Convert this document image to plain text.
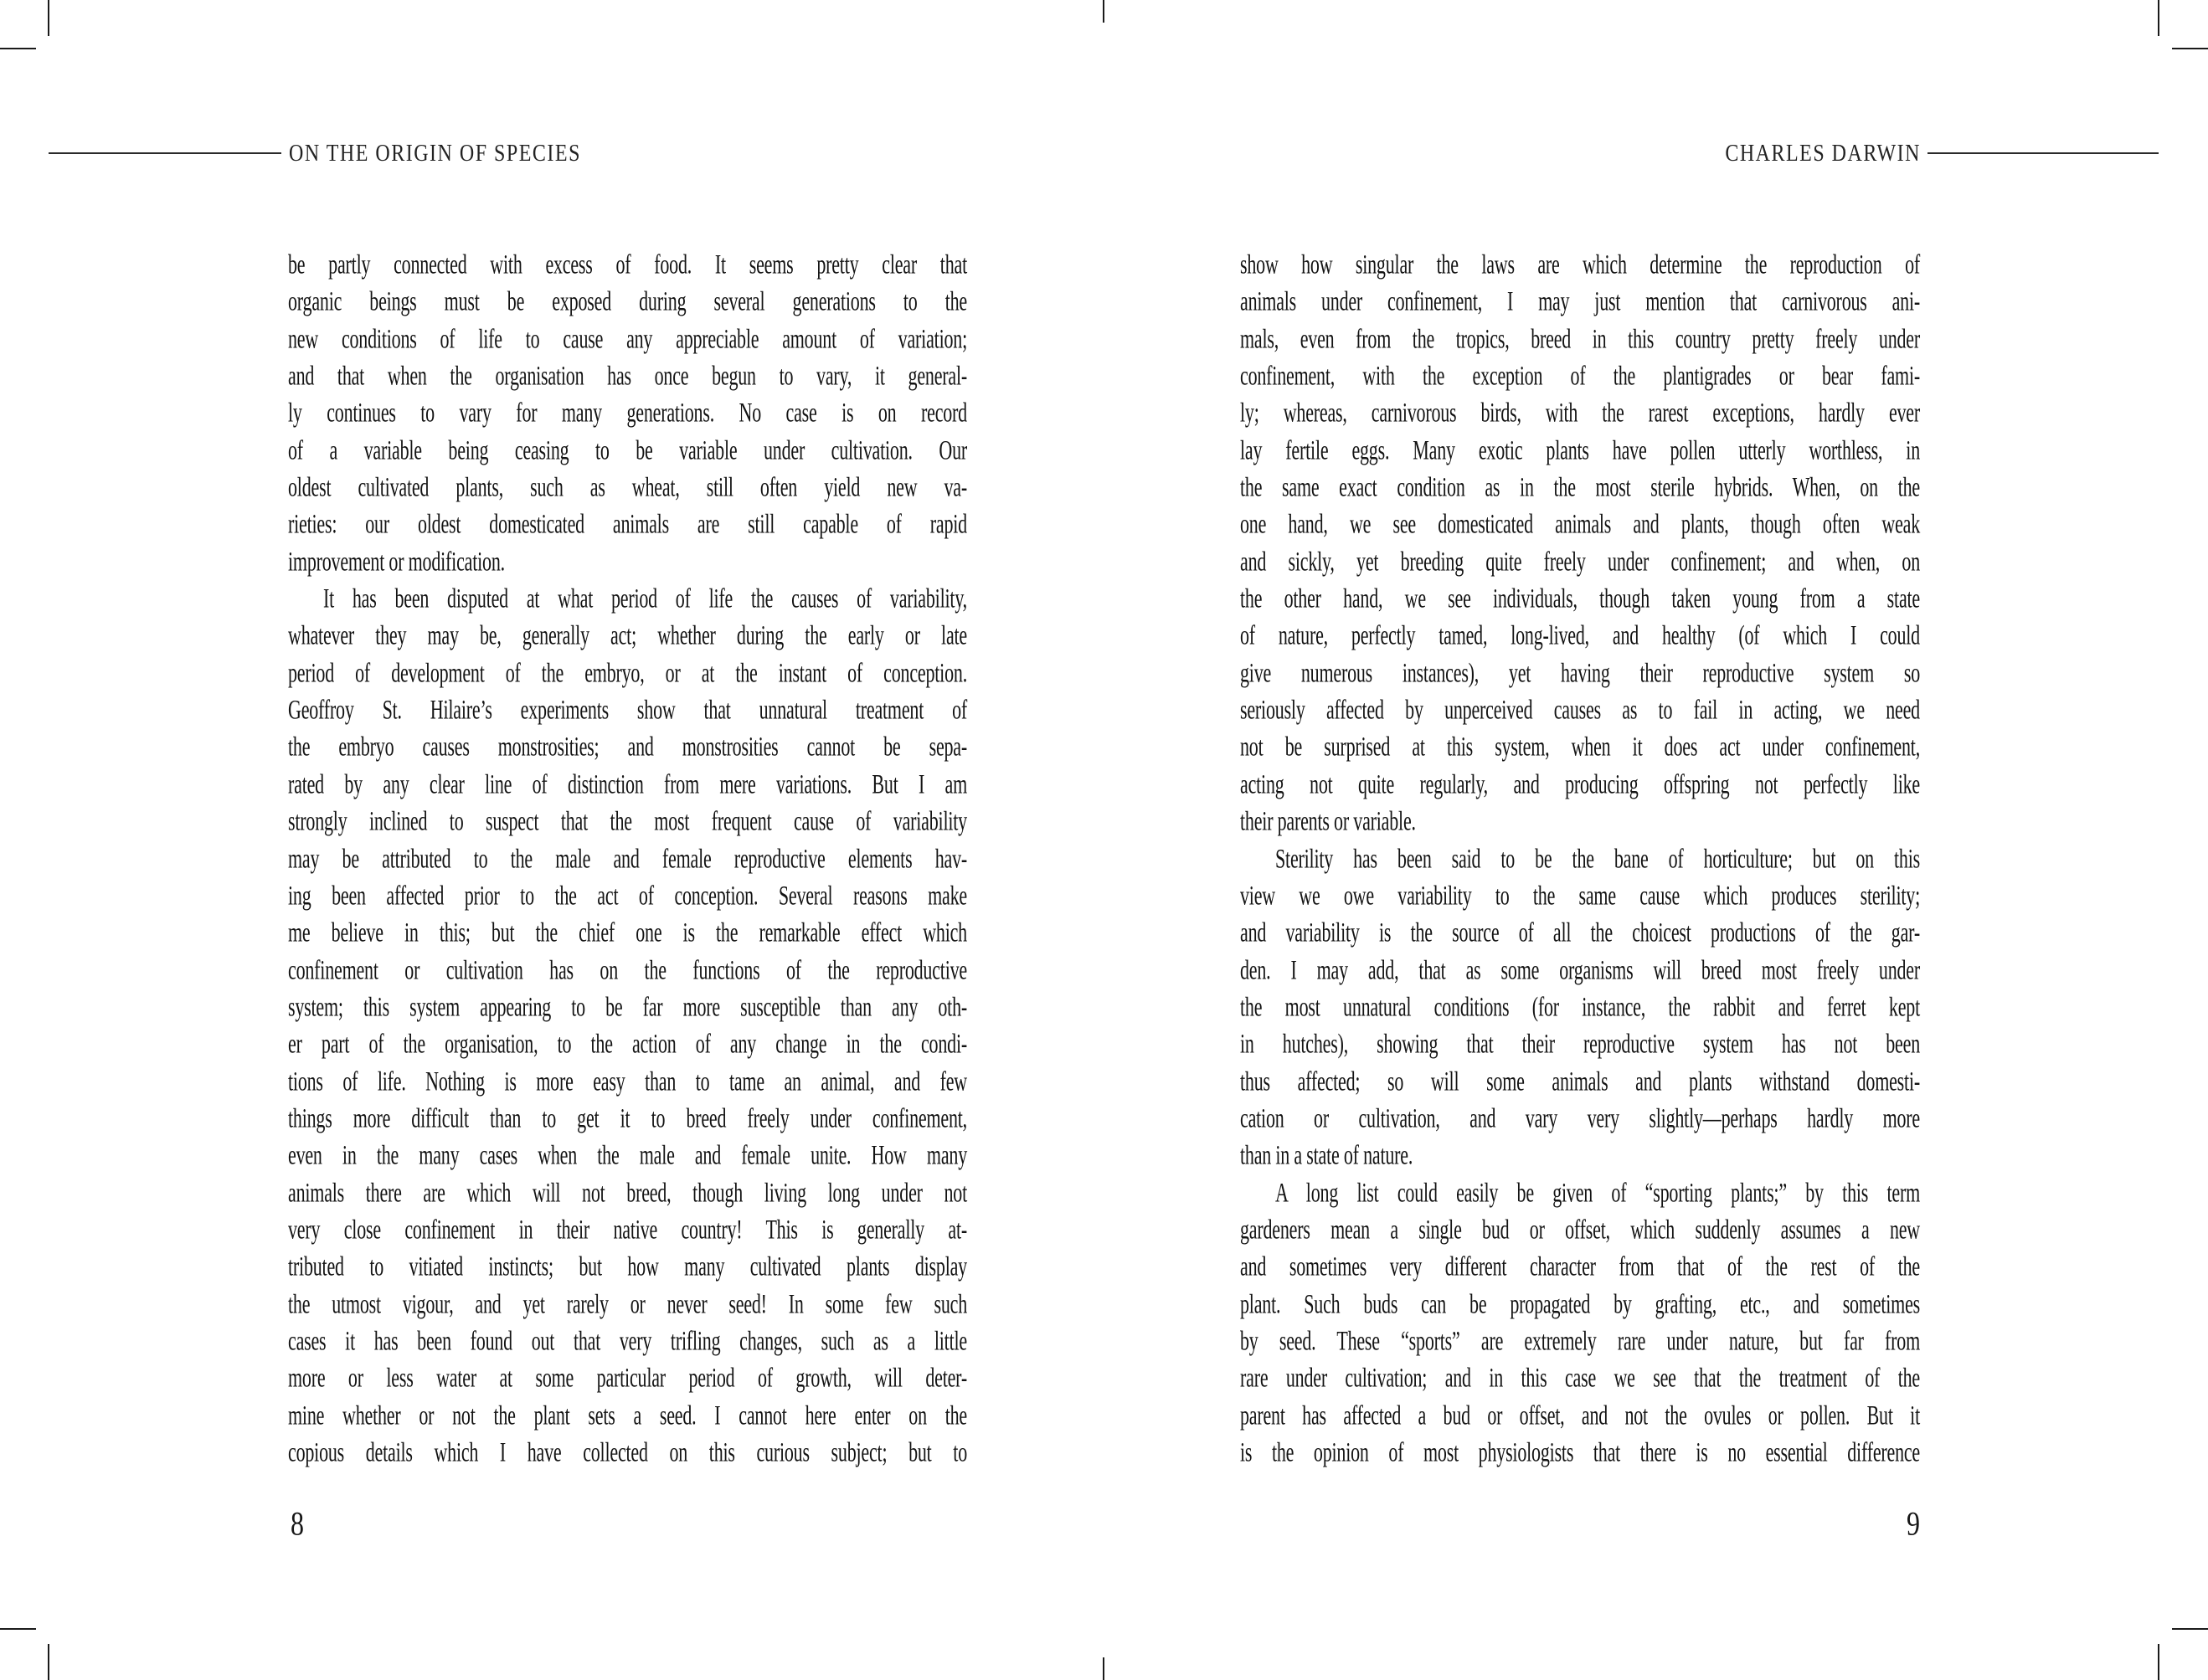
ON THE ORIGIN OF SPECIES	CHARLES DARWIN
be partly connected with excess of food. It seems pretty clear that
organic beings must be exposed during several generations to the
new conditions of life to cause any appreciable amount of variation;
and that when the organisation has once begun to vary, it general-
ly continues to vary for many generations. No case is on record
of a variable being ceasing to be variable under cultivation. Our
oldest cultivated plants, such as wheat, still often yield new va-
rieties: our oldest domesticated animals are still capable of rapid
improvement or modification.
It has been disputed at what period of life the causes of variability,
whatever they may be, generally act; whether during the early or late
period of development of the embryo, or at the instant of conception.
Geoffroy St. Hilaire’s experiments show that unnatural treatment of
the embryo causes monstrosities; and monstrosities cannot be sepa-
rated by any clear line of distinction from mere variations. But I am
strongly inclined to suspect that the most frequent cause of variability
may be attributed to the male and female reproductive elements hav-
ing been affected prior to the act of conception. Several reasons make
me believe in this; but the chief one is the remarkable effect which
confinement or cultivation has on the functions of the reproductive
system; this system appearing to be far more susceptible than any oth-
er part of the organisation, to the action of any change in the condi-
tions of life. Nothing is more easy than to tame an animal, and few
things more difficult than to get it to breed freely under confinement,
even in the many cases when the male and female unite. How many
animals there are which will not breed, though living long under not
very close confinement in their native country! This is generally at-
tributed to vitiated instincts; but how many cultivated plants display
the utmost vigour, and yet rarely or never seed! In some few such
cases it has been found out that very trifling changes, such as a little
more or less water at some particular period of growth, will deter-
mine whether or not the plant sets a seed. I cannot here enter on the
copious details which I have collected on this curious subject; but to
show how singular the laws are which determine the reproduction of
animals under confinement, I may just mention that carnivorous ani-
mals, even from the tropics, breed in this country pretty freely under
confinement, with the exception of the plantigrades or bear fami-
ly; whereas, carnivorous birds, with the rarest exceptions, hardly ever
lay fertile eggs. Many exotic plants have pollen utterly worthless, in
the same exact condition as in the most sterile hybrids. When, on the
one hand, we see domesticated animals and plants, though often weak
and sickly, yet breeding quite freely under confinement; and when, on
the other hand, we see individuals, though taken young from a state
of nature, perfectly tamed, long-lived, and healthy (of which I could
give numerous instances), yet having their reproductive system so
seriously affected by unperceived causes as to fail in acting, we need
not be surprised at this system, when it does act under confinement,
acting not quite regularly, and producing offspring not perfectly like
their parents or variable.
Sterility has been said to be the bane of horticulture; but on this
view we owe variability to the same cause which produces sterility;
and variability is the source of all the choicest productions of the gar-
den. I may add, that as some organisms will breed most freely under
the most unnatural conditions (for instance, the rabbit and ferret kept
in hutches), showing that their reproductive system has not been
thus affected; so will some animals and plants withstand domesti-
cation or cultivation, and vary very slightly—perhaps hardly more
than in a state of nature.
A long list could easily be given of “sporting plants;” by this term
gardeners mean a single bud or offset, which suddenly assumes a new
and sometimes very different character from that of the rest of the
plant. Such buds can be propagated by grafting, etc., and sometimes
by seed. These “sports” are extremely rare under nature, but far from
rare under cultivation; and in this case we see that the treatment of the
parent has affected a bud or offset, and not the ovules or pollen. But it
is the opinion of most physiologists that there is no essential difference
8	9
